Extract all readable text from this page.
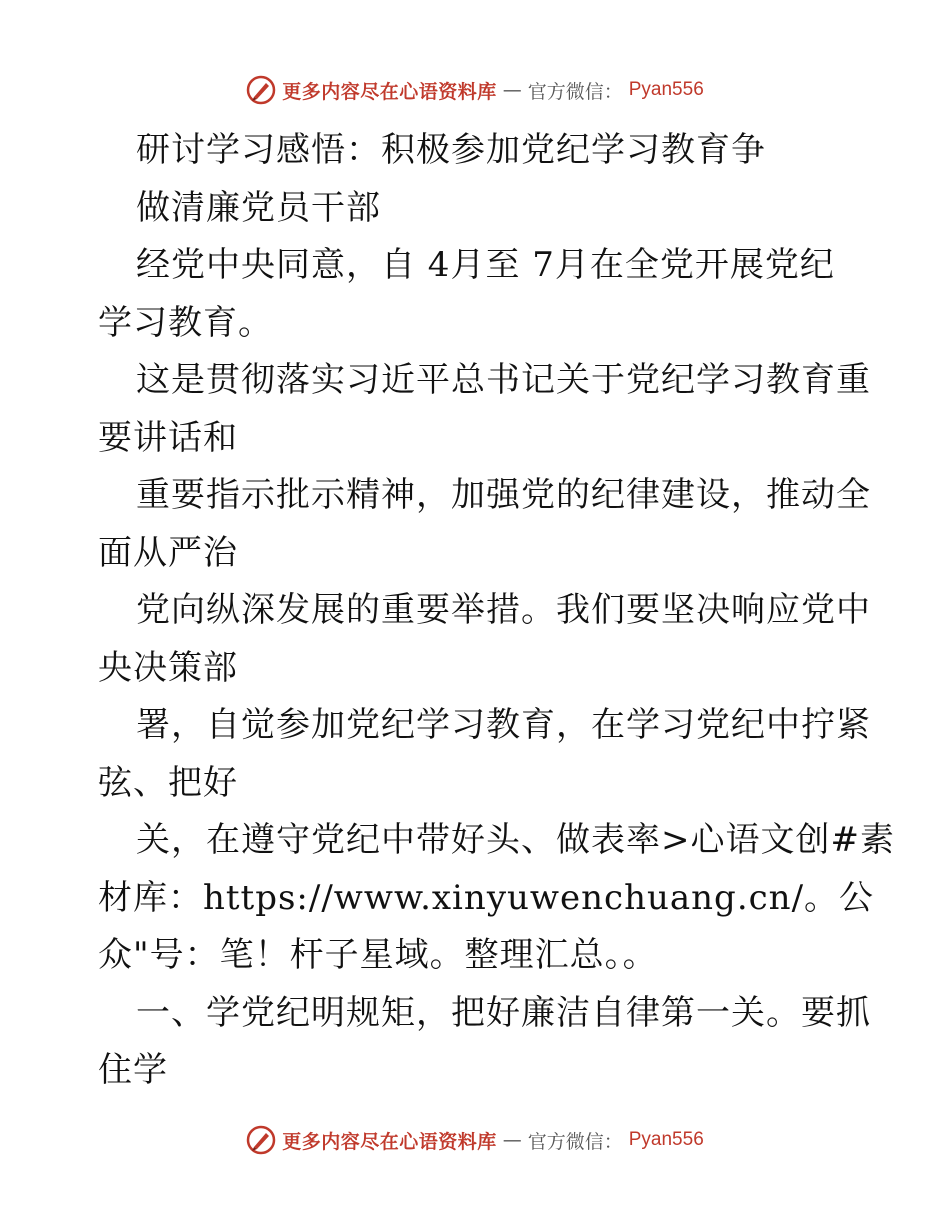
更多内容尽在心语资料库 — 官方微信： Pyan556
研讨学习感悟：积极参加党纪学习教育争
做清廉党员干部
经党中央同意，自 4月至 7月在全党开展党纪
学习教育。
这是贯彻落实习近平总书记关于党纪学习教育重
要讲话和
重要指示批示精神，加强党的纪律建设，推动全
面从严治
党向纵深发展的重要举措。我们要坚决响应党中
央决策部
署，自觉参加党纪学习教育，在学习党纪中拧紧
弦、把好
关，在遵守党纪中带好头、做表率>心语文创#素
材库：https://www.xinyuwenchuang.cn/。公
众"号：笔！杆子星域。整理汇总。。
一、学党纪明规矩，把好廉洁自律第一关。要抓
住学
更多内容尽在心语资料库 — 官方微信： Pyan556
